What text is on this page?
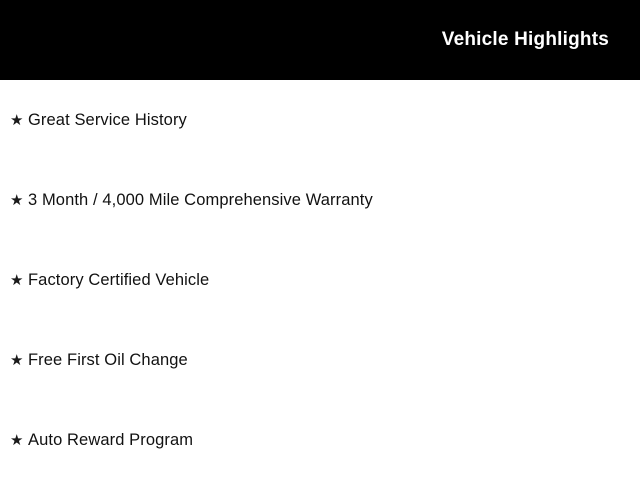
Vehicle Highlights
★ Great Service History
★ 3 Month / 4,000 Mile Comprehensive Warranty
★ Factory Certified Vehicle
★ Free First Oil Change
★ Auto Reward Program
